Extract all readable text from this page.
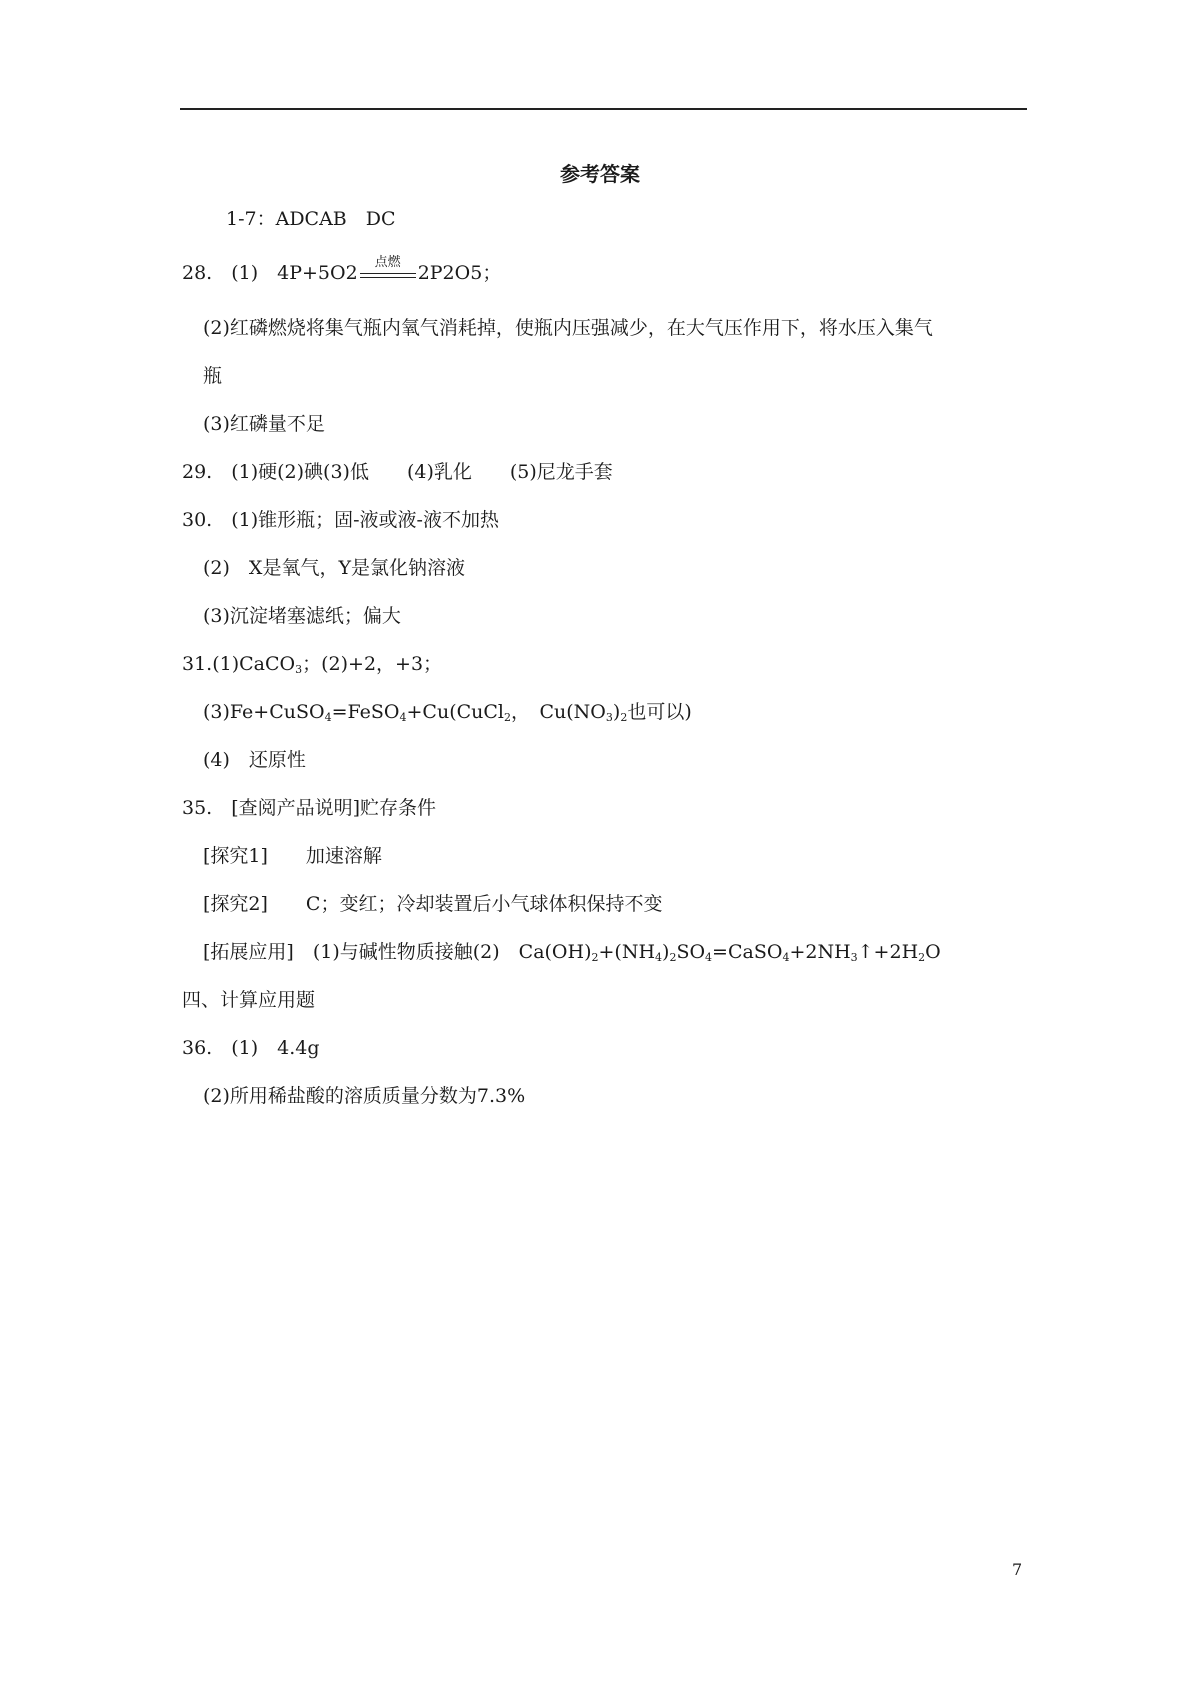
参考答案
1-7：ADCAB　DC
28.　(1)　4P+5O2	点燃 2P2O5；
(2)红磷燃烧将集气瓶内氧气消耗掉，使瓶内压强减少，在大气压作用下，将水压入集气
瓶
(3)红磷量不足
29.　(1)硬(2)碘(3)低　　(4)乳化　　(5)尼龙手套
30.　(1)锥形瓶；固-液或液-液不加热
(2)　X是氧气，Y是氯化钠溶液
(3)沉淀堵塞滤纸；偏大
31.(1)CaCO$_3$；(2)+2，+3；
(3)Fe+CuSO$_4$=FeSO$_4$+Cu(CuCl$_2$，　$Cu(NO_3)_2$也可以)
(4)　还原性
35.　[查阅产品说明]贮存条件
[探究1]　　加速溶解
[探究2]　　C；变红；冷却装置后小气球体积保持不变
[拓展应用]　(1)与碱性物质接触(2)　$Ca(OH)_2+(NH_4)_2SO_4=CaSO_4+2NH_3↑+2H_2O$
四、计算应用题
36.　(1)　4.4g
(2)所用稀盐酸的溶质质量分数为7.3%
7
